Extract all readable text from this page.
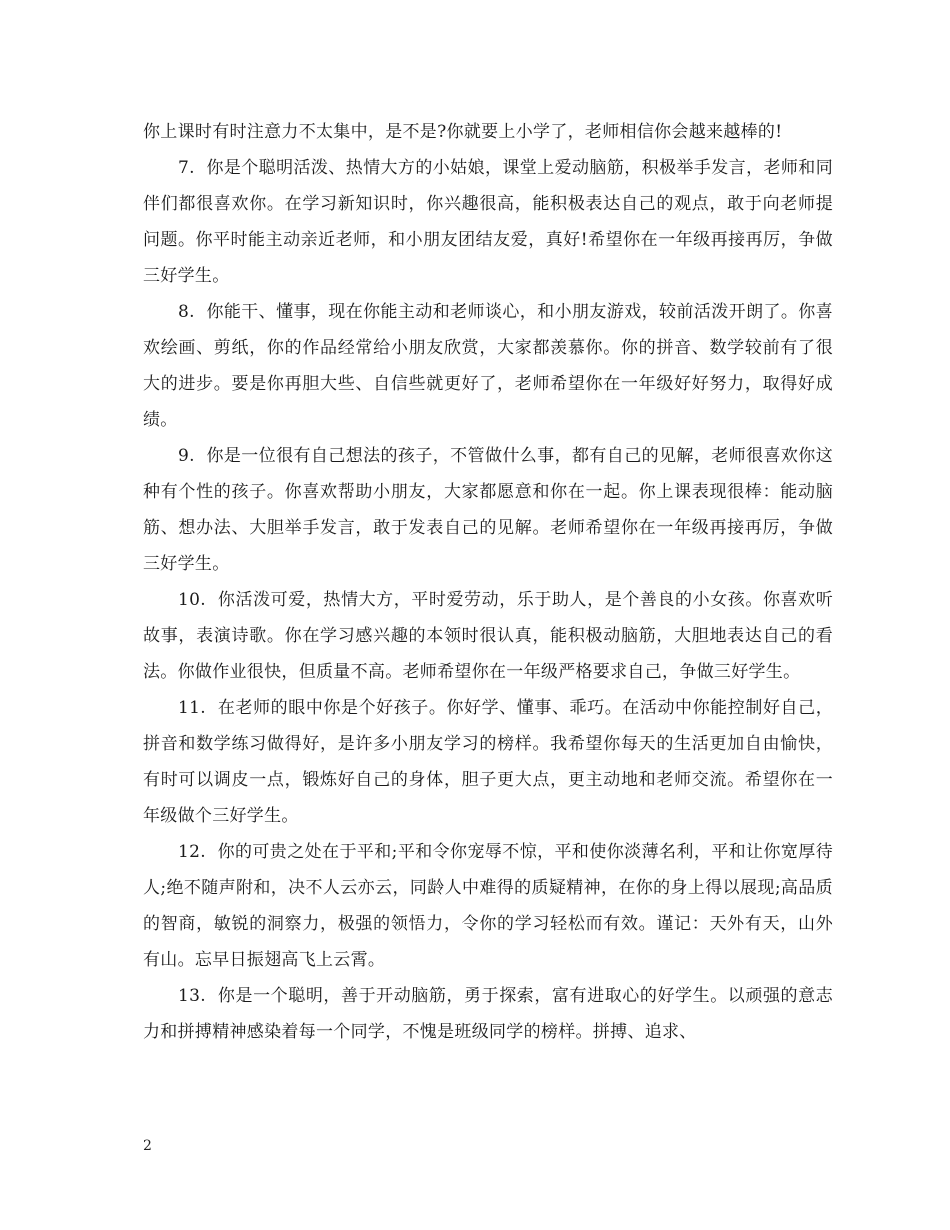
你上课时有时注意力不太集中，是不是?你就要上小学了，老师相信你会越来越棒的!

7.  你是个聪明活泼、热情大方的小姑娘，课堂上爱动脑筋，积极举手发言，老师和同伴们都很喜欢你。在学习新知识时，你兴趣很高，能积极表达自己的观点，敢于向老师提问题。你平时能主动亲近老师，和小朋友团结友爱，真好!希望你在一年级再接再厉，争做三好学生。

8.  你能干、懂事，现在你能主动和老师谈心，和小朋友游戏，较前活泼开朗了。你喜欢绘画、剪纸，你的作品经常给小朋友欣赏，大家都羡慕你。你的拼音、数学较前有了很大的进步。要是你再胆大些、自信些就更好了，老师希望你在一年级好好努力，取得好成绩。

9.  你是一位很有自己想法的孩子，不管做什么事，都有自己的见解，老师很喜欢你这种有个性的孩子。你喜欢帮助小朋友，大家都愿意和你在一起。你上课表现很棒：能动脑筋、想办法、大胆举手发言，敢于发表自己的见解。老师希望你在一年级再接再厉，争做三好学生。

10.  你活泼可爱，热情大方，平时爱劳动，乐于助人，是个善良的小女孩。你喜欢听故事，表演诗歌。你在学习感兴趣的本领时很认真，能积极动脑筋，大胆地表达自己的看法。你做作业很快，但质量不高。老师希望你在一年级严格要求自己，争做三好学生。

11.  在老师的眼中你是个好孩子。你好学、懂事、乖巧。在活动中你能控制好自己，拼音和数学练习做得好，是许多小朋友学习的榜样。我希望你每天的生活更加自由愉快，有时可以调皮一点，锻炼好自己的身体，胆子更大点，更主动地和老师交流。希望你在一年级做个三好学生。

12.  你的可贵之处在于平和;平和令你宠辱不惊，平和使你淡薄名利，平和让你宽厚待人;绝不随声附和，决不人云亦云，同龄人中难得的质疑精神，在你的身上得以展现;高品质的智商，敏锐的洞察力，极强的领悟力，令你的学习轻松而有效。谨记：天外有天，山外有山。忘早日振翅高飞上云霄。

13.  你是一个聪明，善于开动脑筋，勇于探索，富有进取心的好学生。以顽强的意志力和拼搏精神感染着每一个同学，不愧是班级同学的榜样。拼搏、追求、

2
